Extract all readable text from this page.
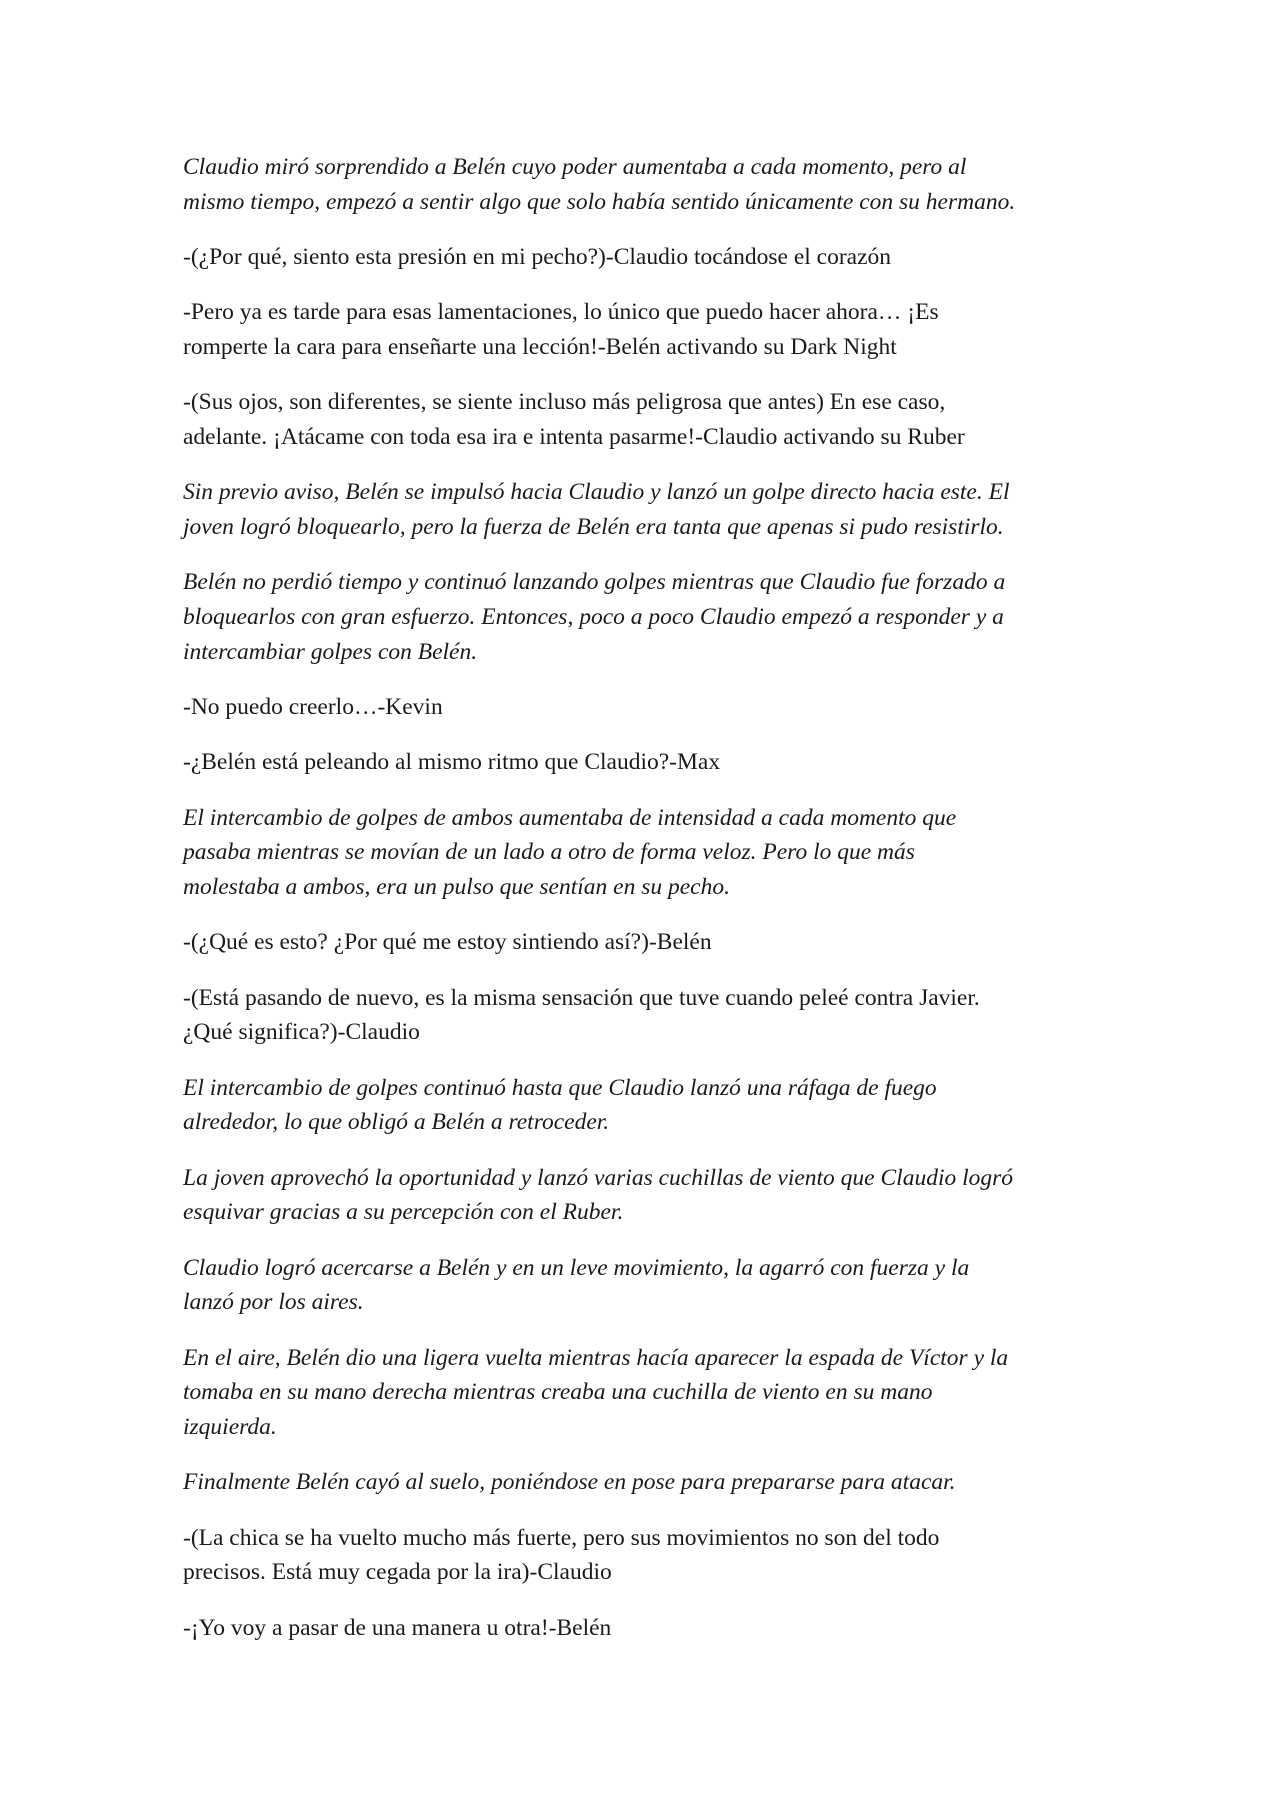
Claudio miró sorprendido a Belén cuyo poder aumentaba a cada momento, pero al
mismo tiempo, empezó a sentir algo que solo había sentido únicamente con su hermano.

-(¿Por qué, siento esta presión en mi pecho?)-Claudio tocándose el corazón

-Pero ya es tarde para esas lamentaciones, lo único que puedo hacer ahora… ¡Es
romperte la cara para enseñarte una lección!-Belén activando su Dark Night

-(Sus ojos, son diferentes, se siente incluso más peligrosa que antes) En ese caso,
adelante. ¡Atácame con toda esa ira e intenta pasarme!-Claudio activando su Ruber

Sin previo aviso, Belén se impulsó hacia Claudio y lanzó un golpe directo hacia este. El
joven logró bloquearlo, pero la fuerza de Belén era tanta que apenas si pudo resistirlo.

Belén no perdió tiempo y continuó lanzando golpes mientras que Claudio fue forzado a
bloquearlos con gran esfuerzo. Entonces, poco a poco Claudio empezó a responder y a
intercambiar golpes con Belén.

-No puedo creerlo…-Kevin

-¿Belén está peleando al mismo ritmo que Claudio?-Max

El intercambio de golpes de ambos aumentaba de intensidad a cada momento que
pasaba mientras se movían de un lado a otro de forma veloz. Pero lo que más
molestaba a ambos, era un pulso que sentían en su pecho.

-(¿Qué es esto? ¿Por qué me estoy sintiendo así?)-Belén

-(Está pasando de nuevo, es la misma sensación que tuve cuando peleé contra Javier.
¿Qué significa?)-Claudio

El intercambio de golpes continuó hasta que Claudio lanzó una ráfaga de fuego
alrededor, lo que obligó a Belén a retroceder.

La joven aprovechó la oportunidad y lanzó varias cuchillas de viento que Claudio logró
esquivar gracias a su percepción con el Ruber.

Claudio logró acercarse a Belén y en un leve movimiento, la agarró con fuerza y la
lanzó por los aires.

En el aire, Belén dio una ligera vuelta mientras hacía aparecer la espada de Víctor y la
tomaba en su mano derecha mientras creaba una cuchilla de viento en su mano
izquierda.

Finalmente Belén cayó al suelo, poniéndose en pose para prepararse para atacar.

-(La chica se ha vuelto mucho más fuerte, pero sus movimientos no son del todo
precisos. Está muy cegada por la ira)-Claudio

-¡Yo voy a pasar de una manera u otra!-Belén
